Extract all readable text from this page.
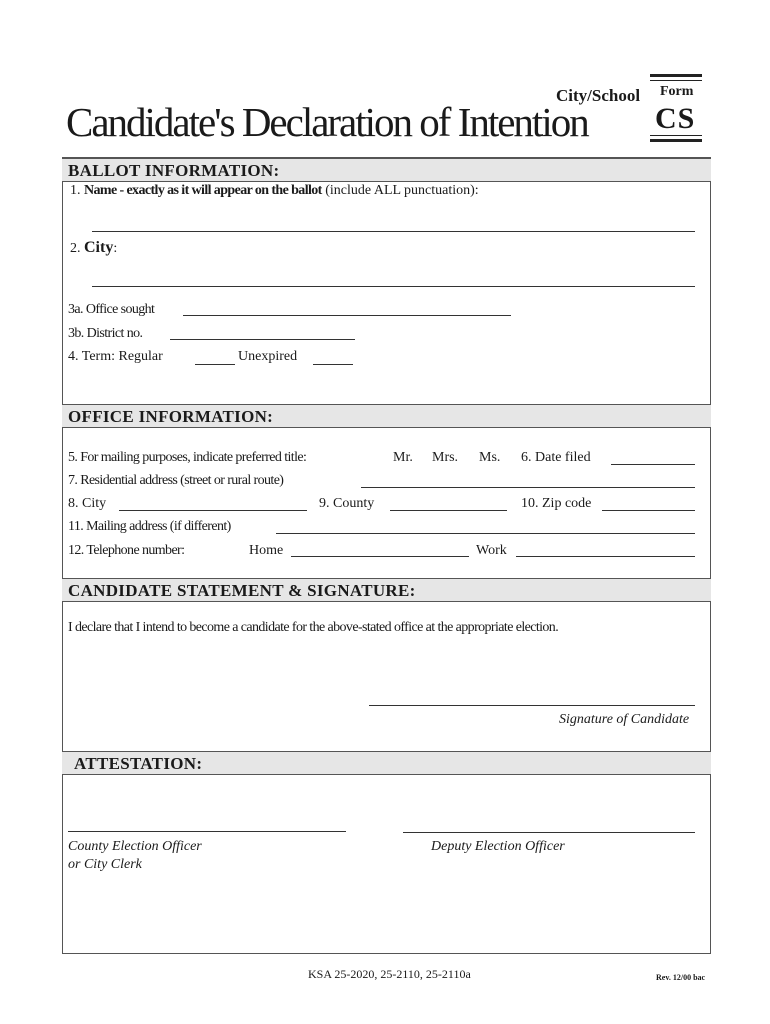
City/School Form
CS
Candidate's Declaration of Intention
BALLOT INFORMATION:
1. Name - exactly as it will appear on the ballot (include ALL punctuation):
2. City:
3a. Office sought
3b. District no.
4. Term: Regular	Unexpired
OFFICE INFORMATION:
5. For mailing purposes, indicate preferred title:	Mr. Mrs. Ms. 6. Date filed
7. Residential address (street or rural route)
8. City	9. County	10. Zip code
11. Mailing address (if different)
12. Telephone number:	Home	Work
CANDIDATE STATEMENT & SIGNATURE:
I declare that I intend to become a candidate for the above-stated office at the appropriate election.
Signature of Candidate
ATTESTATION:
County Election Officer
or City Clerk
Deputy Election Officer
KSA 25-2020, 25-2110, 25-2110a	Rev. 12/00 bac
